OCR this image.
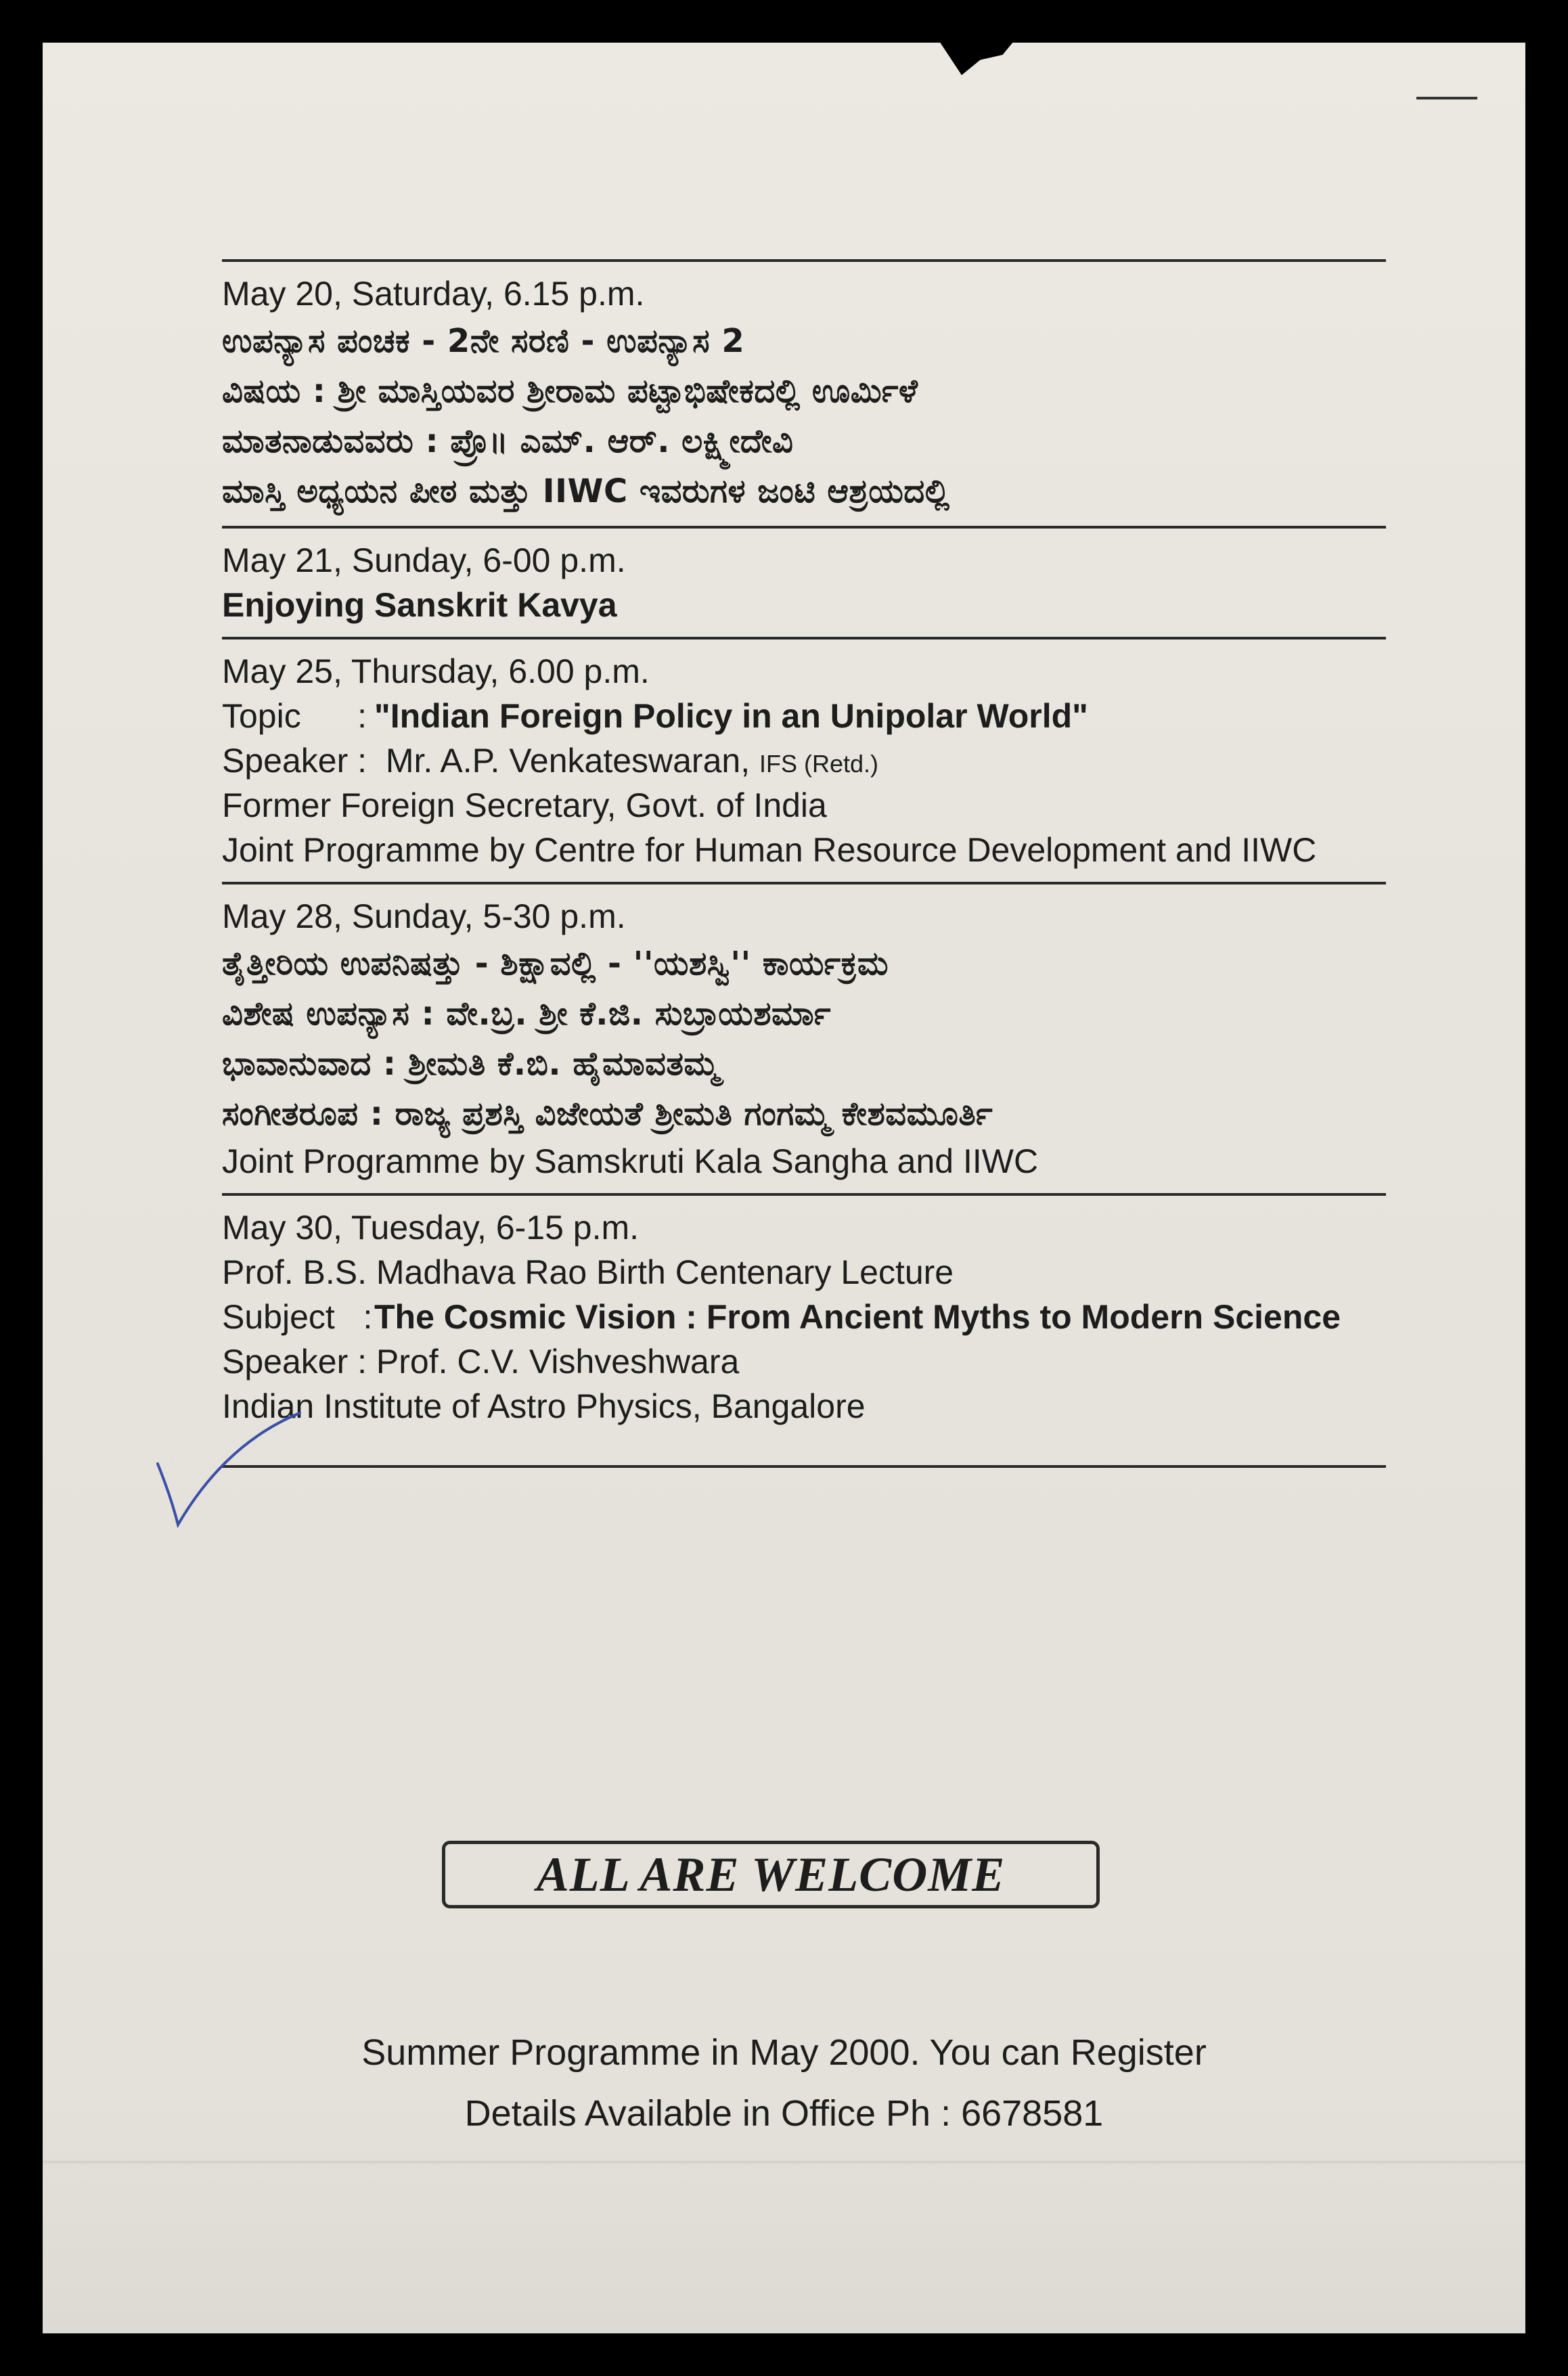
May 20, Saturday, 6.15 p.m.
ಉಪನ್ಯಾಸ ಪಂಚಕ - 2ನೇ ಸರಣಿ - ಉಪನ್ಯಾಸ 2
ವಿಷಯ : ಶ್ರೀ ಮಾಸ್ತಿಯವರ ಶ್ರೀರಾಮ ಪಟ್ಟಾಭಿಷೇಕದಲ್ಲಿ ಊರ್ಮಿಳೆ
ಮಾತನಾಡುವವರು : ಪ್ರೊ॥ ಎಮ್. ಆರ್. ಲಕ್ಷ್ಮೀದೇವಿ
ಮಾಸ್ತಿ ಅಧ್ಯಯನ ಪೀಠ ಮತ್ತು IIWC ಇವರುಗಳ ಜಂಟಿ ಆಶ್ರಯದಲ್ಲಿ
May 21, Sunday, 6-00 p.m.
Enjoying Sanskrit Kavya
May 25, Thursday, 6.00 p.m.
Topic : "Indian Foreign Policy in an Unipolar World"
Speaker :
Mr. A.P. Venkateswaran,
IFS (Retd.)
Former Foreign Secretary, Govt. of India
Joint Programme by Centre for Human Resource Development and IIWC
May 28, Sunday, 5-30 p.m.
ತೈತ್ತೀರಿಯ ಉಪನಿಷತ್ತು - ಶಿಕ್ಷಾವಲ್ಲಿ - ''ಯಶಸ್ವಿ'' ಕಾರ್ಯಕ್ರಮ
ವಿಶೇಷ ಉಪನ್ಯಾಸ : ವೇ.ಬ್ರ. ಶ್ರೀ ಕೆ.ಜಿ. ಸುಬ್ರಾಯಶರ್ಮಾ
ಭಾವಾನುವಾದ : ಶ್ರೀಮತಿ ಕೆ.ಬಿ. ಹೈಮಾವತಮ್ಮ
ಸಂಗೀತರೂಪ : ರಾಜ್ಯ ಪ್ರಶಸ್ತಿ ವಿಜೇಯತೆ ಶ್ರೀಮತಿ ಗಂಗಮ್ಮ ಕೇಶವಮೂರ್ತಿ
Joint Programme by Samskruti Kala Sangha and IIWC
May 30, Tuesday, 6-15 p.m.
Prof. B.S. Madhava Rao Birth Centenary Lecture
Subject : The Cosmic Vision : From Ancient Myths to Modern Science
Speaker : Prof. C.V. Vishveshwara
Indian Institute of Astro Physics, Bangalore
ALL ARE WELCOME
Summer Programme in May 2000. You can Register
Details Available in Office Ph : 6678581
